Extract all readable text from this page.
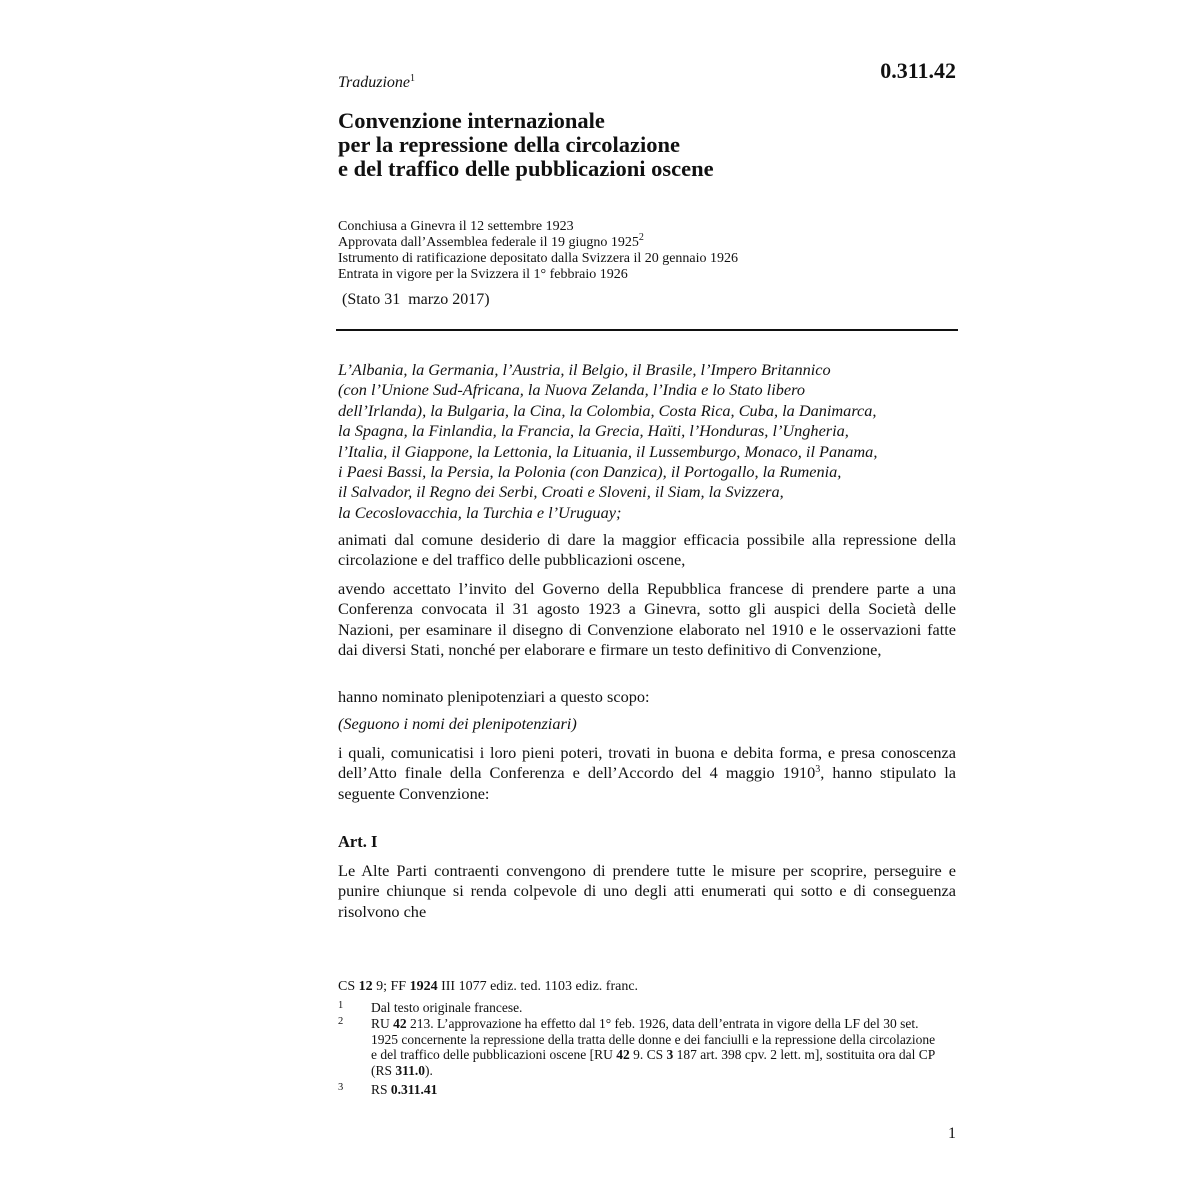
0.311.42
Traduzione$^1$
Convenzione internazionale
per la repressione della circolazione
e del traffico delle pubblicazioni oscene
Conchiusa a Ginevra il 12 settembre 1923
Approvata dall’Assemblea federale il 19 giugno 1925$^2$
Istrumento di ratificazione depositato dalla Svizzera il 20 gennaio 1926
Entrata in vigore per la Svizzera il 1° febbraio 1926
(Stato 31  marzo 2017)
L’Albania, la Germania, l’Austria, il Belgio, il Brasile, l’Impero Britannico
(con l’Unione Sud-Africana, la Nuova Zelanda, l’India e lo Stato libero
dell’Irlanda), la Bulgaria, la Cina, la Colombia, Costa Rica, Cuba, la Danimarca,
la Spagna, la Finlandia, la Francia, la Grecia, Haïti, l’Honduras, l’Ungheria,
l’Italia, il Giappone, la Lettonia, la Lituania, il Lussemburgo, Monaco, il Panama,
i Paesi Bassi, la Persia, la Polonia (con Danzica), il Portogallo, la Rumenia,
il Salvador, il Regno dei Serbi, Croati e Sloveni, il Siam, la Svizzera,
la Cecoslovacchia, la Turchia e l’Uruguay;
animati dal comune desiderio di dare la maggior efficacia possibile alla repressione della circolazione e del traffico delle pubblicazioni oscene,
avendo accettato l’invito del Governo della Repubblica francese di prendere parte a una Conferenza convocata il 31 agosto 1923 a Ginevra, sotto gli auspici della Società delle Nazioni, per esaminare il disegno di Convenzione elaborato nel 1910 e le osservazioni fatte dai diversi Stati, nonché per elaborare e firmare un testo definitivo di Convenzione,
hanno nominato plenipotenziari a questo scopo:
(Seguono i nomi dei plenipotenziari)
i quali, comunicatisi i loro pieni poteri, trovati in buona e debita forma, e presa conoscenza dell’Atto finale della Conferenza e dell’Accordo del 4 maggio 1910$^3$, hanno stipulato la seguente Convenzione:
Art. I
Le Alte Parti contraenti convengono di prendere tutte le misure per scoprire, perseguire e punire chiunque si renda colpevole di uno degli atti enumerati qui sotto e di conseguenza risolvono che
CS 12 9; FF 1924 III 1077 ediz. ted. 1103 ediz. franc.
1 Dal testo originale francese.
2 RU 42 213. L’approvazione ha effetto dal 1° feb. 1926, data dell’entrata in vigore della LF del 30 set. 1925 concernente la repressione della tratta delle donne e dei fanciulli e la repressione della circolazione e del traffico delle pubblicazioni oscene [RU 42 9. CS 3 187 art. 398 cpv. 2 lett. m], sostituita ora dal CP (RS 311.0).
3 RS 0.311.41
1
